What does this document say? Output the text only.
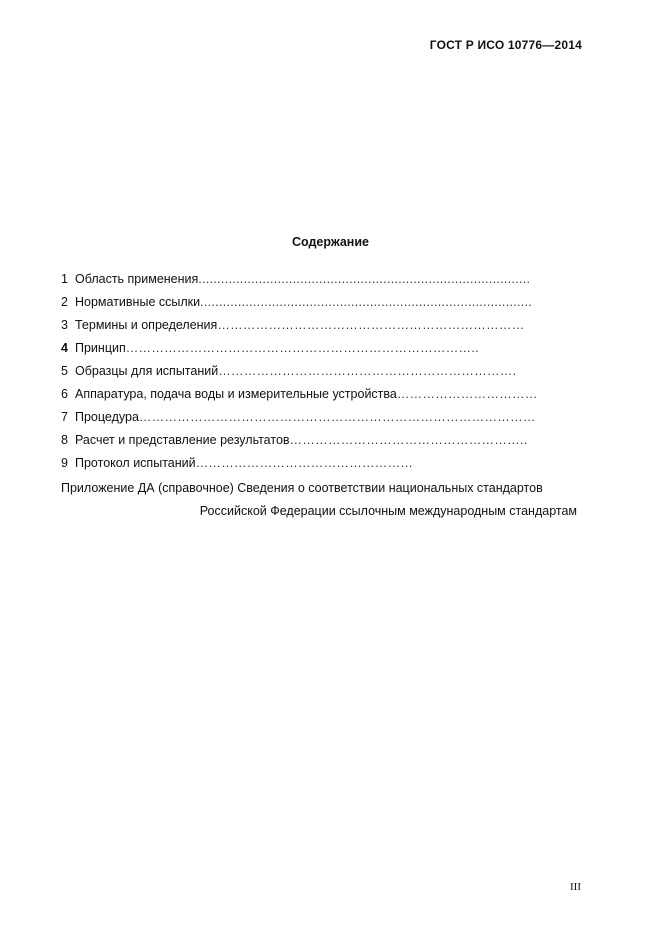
ГОСТ Р ИСО 10776—2014
Содержание
1 Область применения ........................................................................................
2 Нормативные ссылки ........................................................................................
3 Термины и определения ………………………………………………………………
4 Принцип ………………………………………………………………………..
5 Образцы для испытаний …………………………………………………………….
6 Аппаратура, подача воды и измерительные устройства ……………………………
7 Процедура …………………………………………………………………………………
8 Расчет и представление результатов ………………………………………………..
9 Протокол испытаний ……………………………………………
Приложение ДА (справочное) Сведения о соответствии национальных стандартов
Российской Федерации ссылочным международным стандартам
III
